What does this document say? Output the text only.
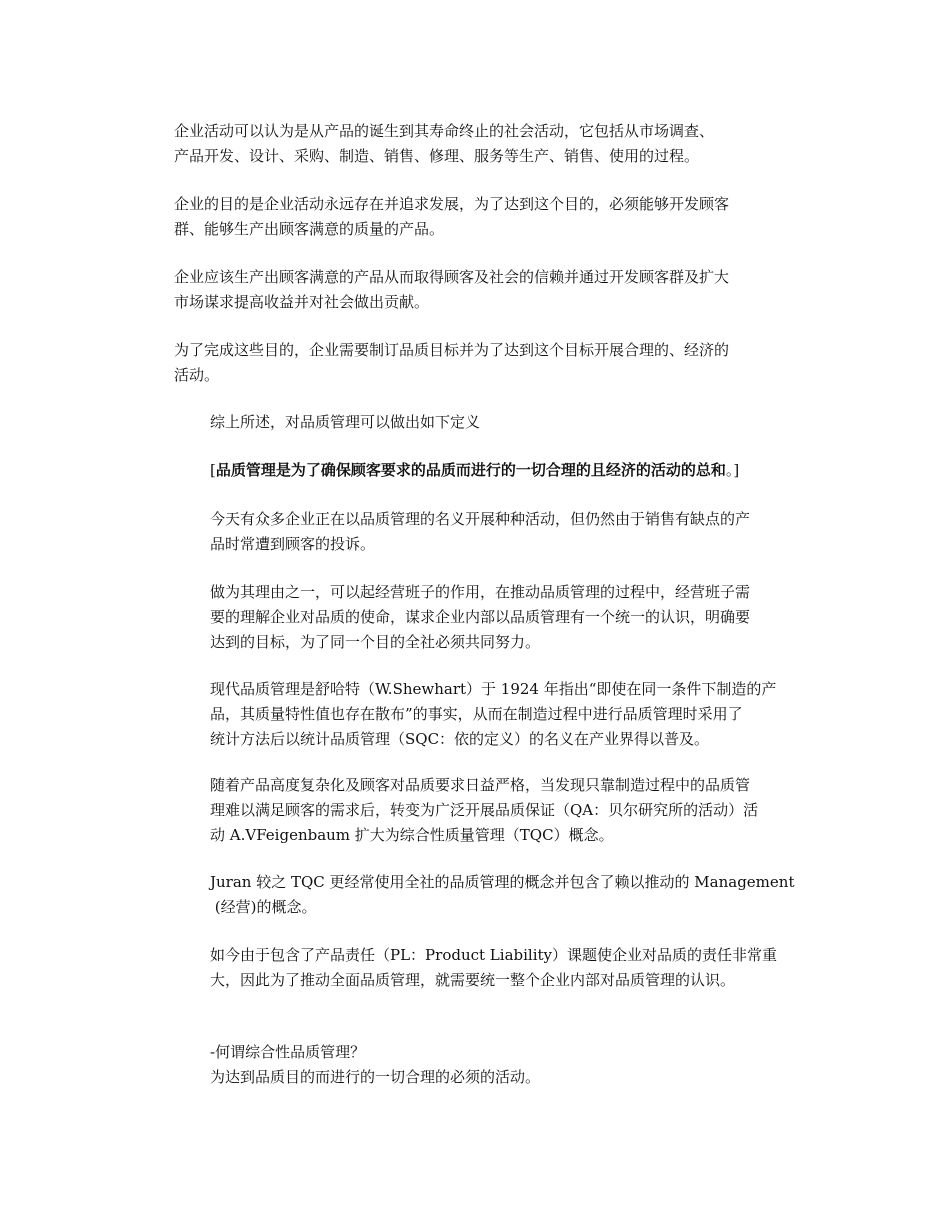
企业活动可以认为是从产品的诞生到其寿命终止的社会活动，它包括从市场调查、
产品开发、设计、采购、制造、销售、修理、服务等生产、销售、使用的过程。

企业的目的是企业活动永远存在并追求发展，为了达到这个目的，必须能够开发顾客
群、能够生产出顾客满意的质量的产品。

企业应该生产出顾客满意的产品从而取得顾客及社会的信赖并通过开发顾客群及扩大
市场谋求提高收益并对社会做出贡献。

为了完成这些目的，企业需要制订品质目标并为了达到这个目标开展合理的、经济的
活动。

综上所述，对品质管理可以做出如下定义

[品质管理是为了确保顾客要求的品质而进行的一切合理的且经济的活动的总和。]

今天有众多企业正在以品质管理的名义开展种种活动，但仍然由于销售有缺点的产
品时常遭到顾客的投诉。

做为其理由之一，可以起经营班子的作用，在推动品质管理的过程中，经营班子需
要的理解企业对品质的使命，谋求企业内部以品质管理有一个统一的认识，明确要
达到的目标，为了同一个目的全社必须共同努力。

现代品质管理是舒哈特（W.Shewhart）于 1924 年指出“即使在同一条件下制造的产
品，其质量特性值也存在散布”的事实，从而在制造过程中进行品质管理时采用了
统计方法后以统计品质管理（SQC：依的定义）的名义在产业界得以普及。

随着产品高度复杂化及顾客对品质要求日益严格，当发现只靠制造过程中的品质管
理难以满足顾客的需求后，转变为广泛开展品质保证（QA：贝尔研究所的活动）活
动 A.VFeigenbaum 扩大为综合性质量管理（TQC）概念。

Juran 较之 TQC 更经常使用全社的品质管理的概念并包含了赖以推动的 Management
(经营)的概念。

如今由于包含了产品责任（PL：Product Liability）课题使企业对品质的责任非常重
大，因此为了推动全面品质管理，就需要统一整个企业内部对品质管理的认识。

-何谓综合性品质管理？
为达到品质目的而进行的一切合理的必须的活动。
